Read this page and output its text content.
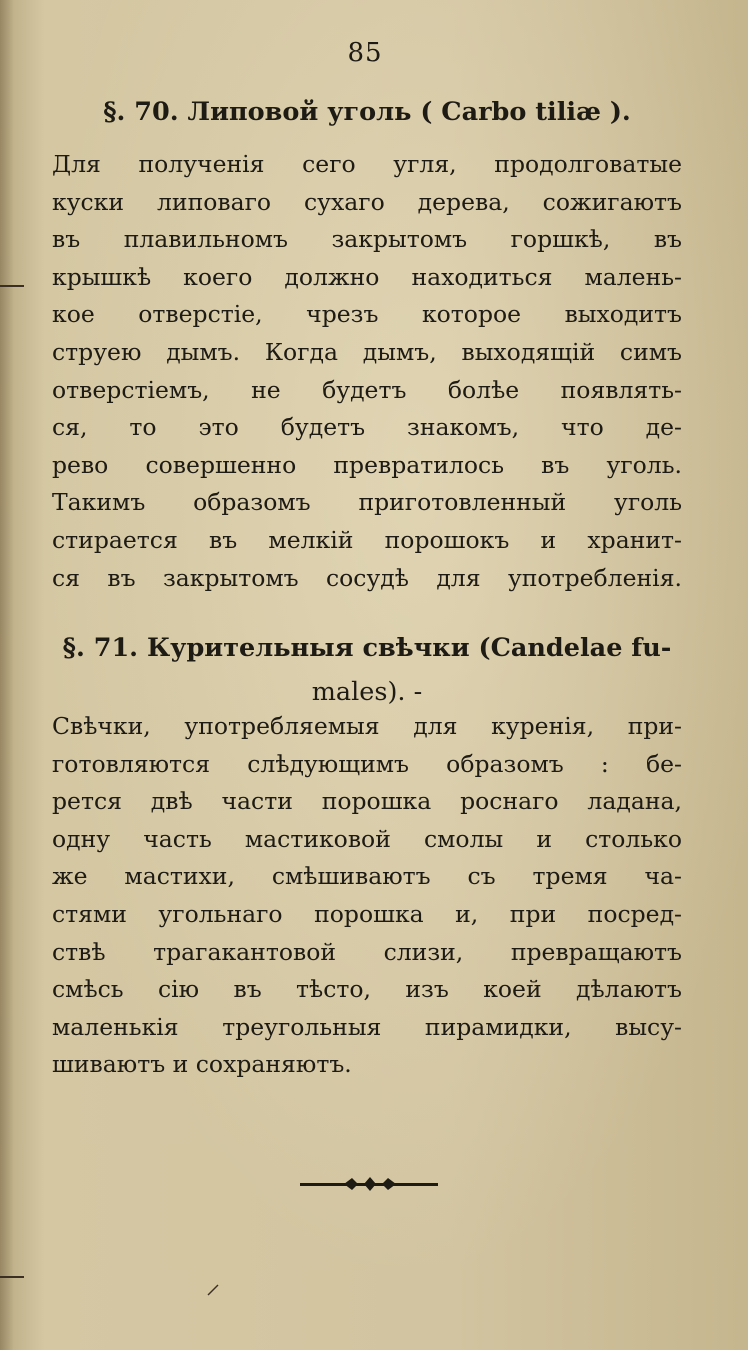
85
§. 70. Липовой уголь ( Carbo tiliæ ).
Для полученія сего угля, продолговатые
куски липоваго сухаго дерева, сожигаютъ
въ плавильномъ закрытомъ горшкѣ, въ
крышкѣ коего должно находиться малень-
кое отверстіе, чрезъ которое выходитъ
струею дымъ. Когда дымъ, выходящій симъ
отверстіемъ, не будетъ болѣе появлять-
ся, то это будетъ знакомъ, что де-
рево совершенно превратилось въ уголь.
Такимъ образомъ приготовленный уголь
стирается въ мелкій порошокъ и хранит-
ся въ закрытомъ сосудѣ для употребленія.
§. 71. Курительныя свѣчки (Candelae fu-
males). -
Свѣчки, употребляемыя для куренія, при-
готовляются слѣдующимъ образомъ : бе-
рется двѣ части порошка роснаго ладана,
одну часть мастиковой смолы и столько
же мастихи, смѣшиваютъ съ тремя ча-
стями угольнаго порошка и, при посред-
ствѣ трагакантовой слизи, превращаютъ
смѣсь сію въ тѣсто, изъ коей дѣлаютъ
маленькія треугольныя пирамидки, высу-
шиваютъ и сохраняютъ.
